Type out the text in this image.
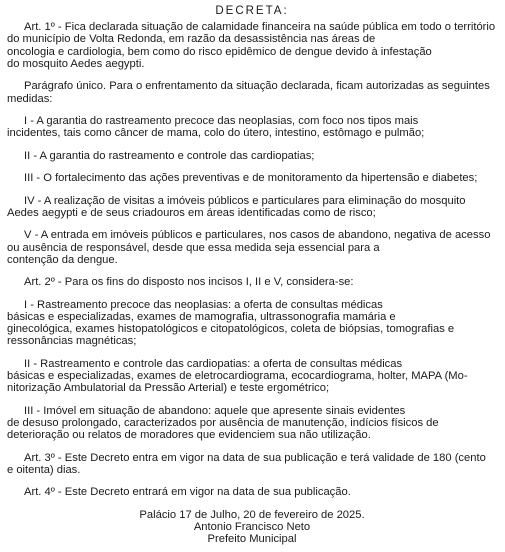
DECRETA:

Art. 1º - Fica declarada situação de calamidade financeira na saúde pública em todo o território
do município de Volta Redonda, em razão da desassistência nas áreas de
oncologia e cardiologia, bem como do risco epidêmico de dengue devido à infestação
do mosquito Aedes aegypti.

Parágrafo único. Para o enfrentamento da situação declarada, ficam autorizadas as seguintes
medidas:

I - A garantia do rastreamento precoce das neoplasias, com foco nos tipos mais
incidentes, tais como câncer de mama, colo do útero, intestino, estômago e pulmão;

II - A garantia do rastreamento e controle das cardiopatias;

III - O fortalecimento das ações preventivas e de monitoramento da hipertensão e diabetes;

IV - A realização de visitas a imóveis públicos e particulares para eliminação do mosquito
Aedes aegypti e de seus criadouros em áreas identificadas como de risco;

V - A entrada em imóveis públicos e particulares, nos casos de abandono, negativa de acesso
ou ausência de responsável, desde que essa medida seja essencial para a
contenção da dengue.

Art. 2º - Para os fins do disposto nos incisos I, II e V, considera-se:

I - Rastreamento precoce das neoplasias: a oferta de consultas médicas
básicas e especializadas, exames de mamografia, ultrassonografia mamária e
ginecológica, exames histopatológicos e citopatológicos, coleta de biópsias, tomografias e
ressonâncias magnéticas;

II - Rastreamento e controle das cardiopatias: a oferta de consultas médicas
básicas e especializadas, exames de eletrocardiograma, ecocardiograma, holter, MAPA (Mo-
nitorização Ambulatorial da Pressão Arterial) e teste ergométrico;

III - Imóvel em situação de abandono: aquele que apresente sinais evidentes
de desuso prolongado, caracterizados por ausência de manutenção, indícios físicos de
deterioração ou relatos de moradores que evidenciem sua não utilização.

Art. 3º - Este Decreto entra em vigor na data de sua publicação e terá validade de 180 (cento
e oitenta) dias.

Art. 4º - Este Decreto entrará em vigor na data de sua publicação.

Palácio 17 de Julho, 20 de fevereiro de 2025.
Antonio Francisco Neto
Prefeito Municipal
